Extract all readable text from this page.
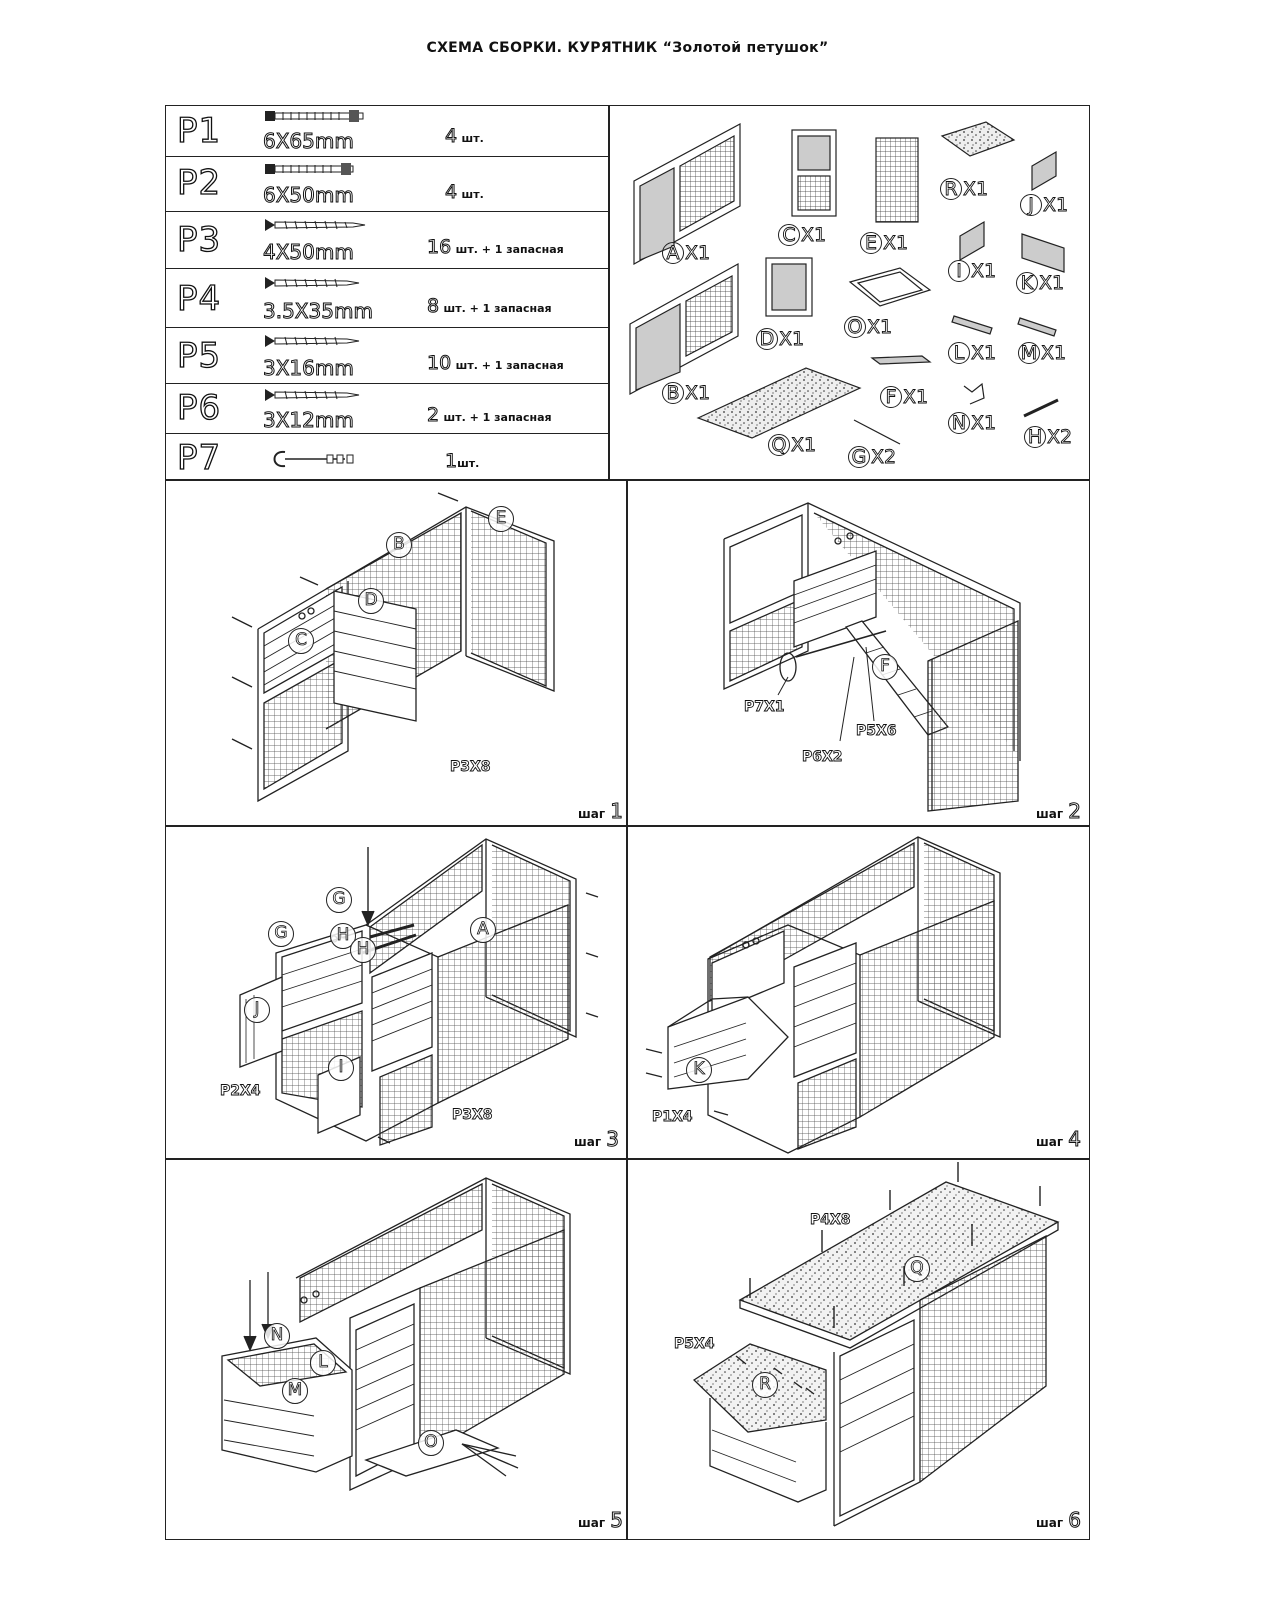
СХЕМА СБОРКИ. КУРЯТНИК “Золотой петушок”
P1 6X65mm	4 шт.
P2 6X50mm	4 шт.
P3 4X50mm	16 шт. + 1 запасная
P4 3.5X35mm	8 шт. + 1 запасная
P5 3X16mm	10 шт. + 1 запасная
P6 3X12mm	2 шт. + 1 запасная
P7	1шт.
A X1
B X1
C X1
D X1
E X1
F X1
G X2
H X2
I X1
J X1
K X1
L X1 M X1
N X1
O X1
Q X1
R X1
B
E
D
C
P3X8
шаг 1
F
P7X1
P5X6
P6X2
шаг 2
G
G	H
H
A
J
I
P2X4
P3X8
шаг 3
K
P1X4
шаг 4
N
L
M
O
шаг 5
Q
R
P4X8
P5X4
шаг 6
